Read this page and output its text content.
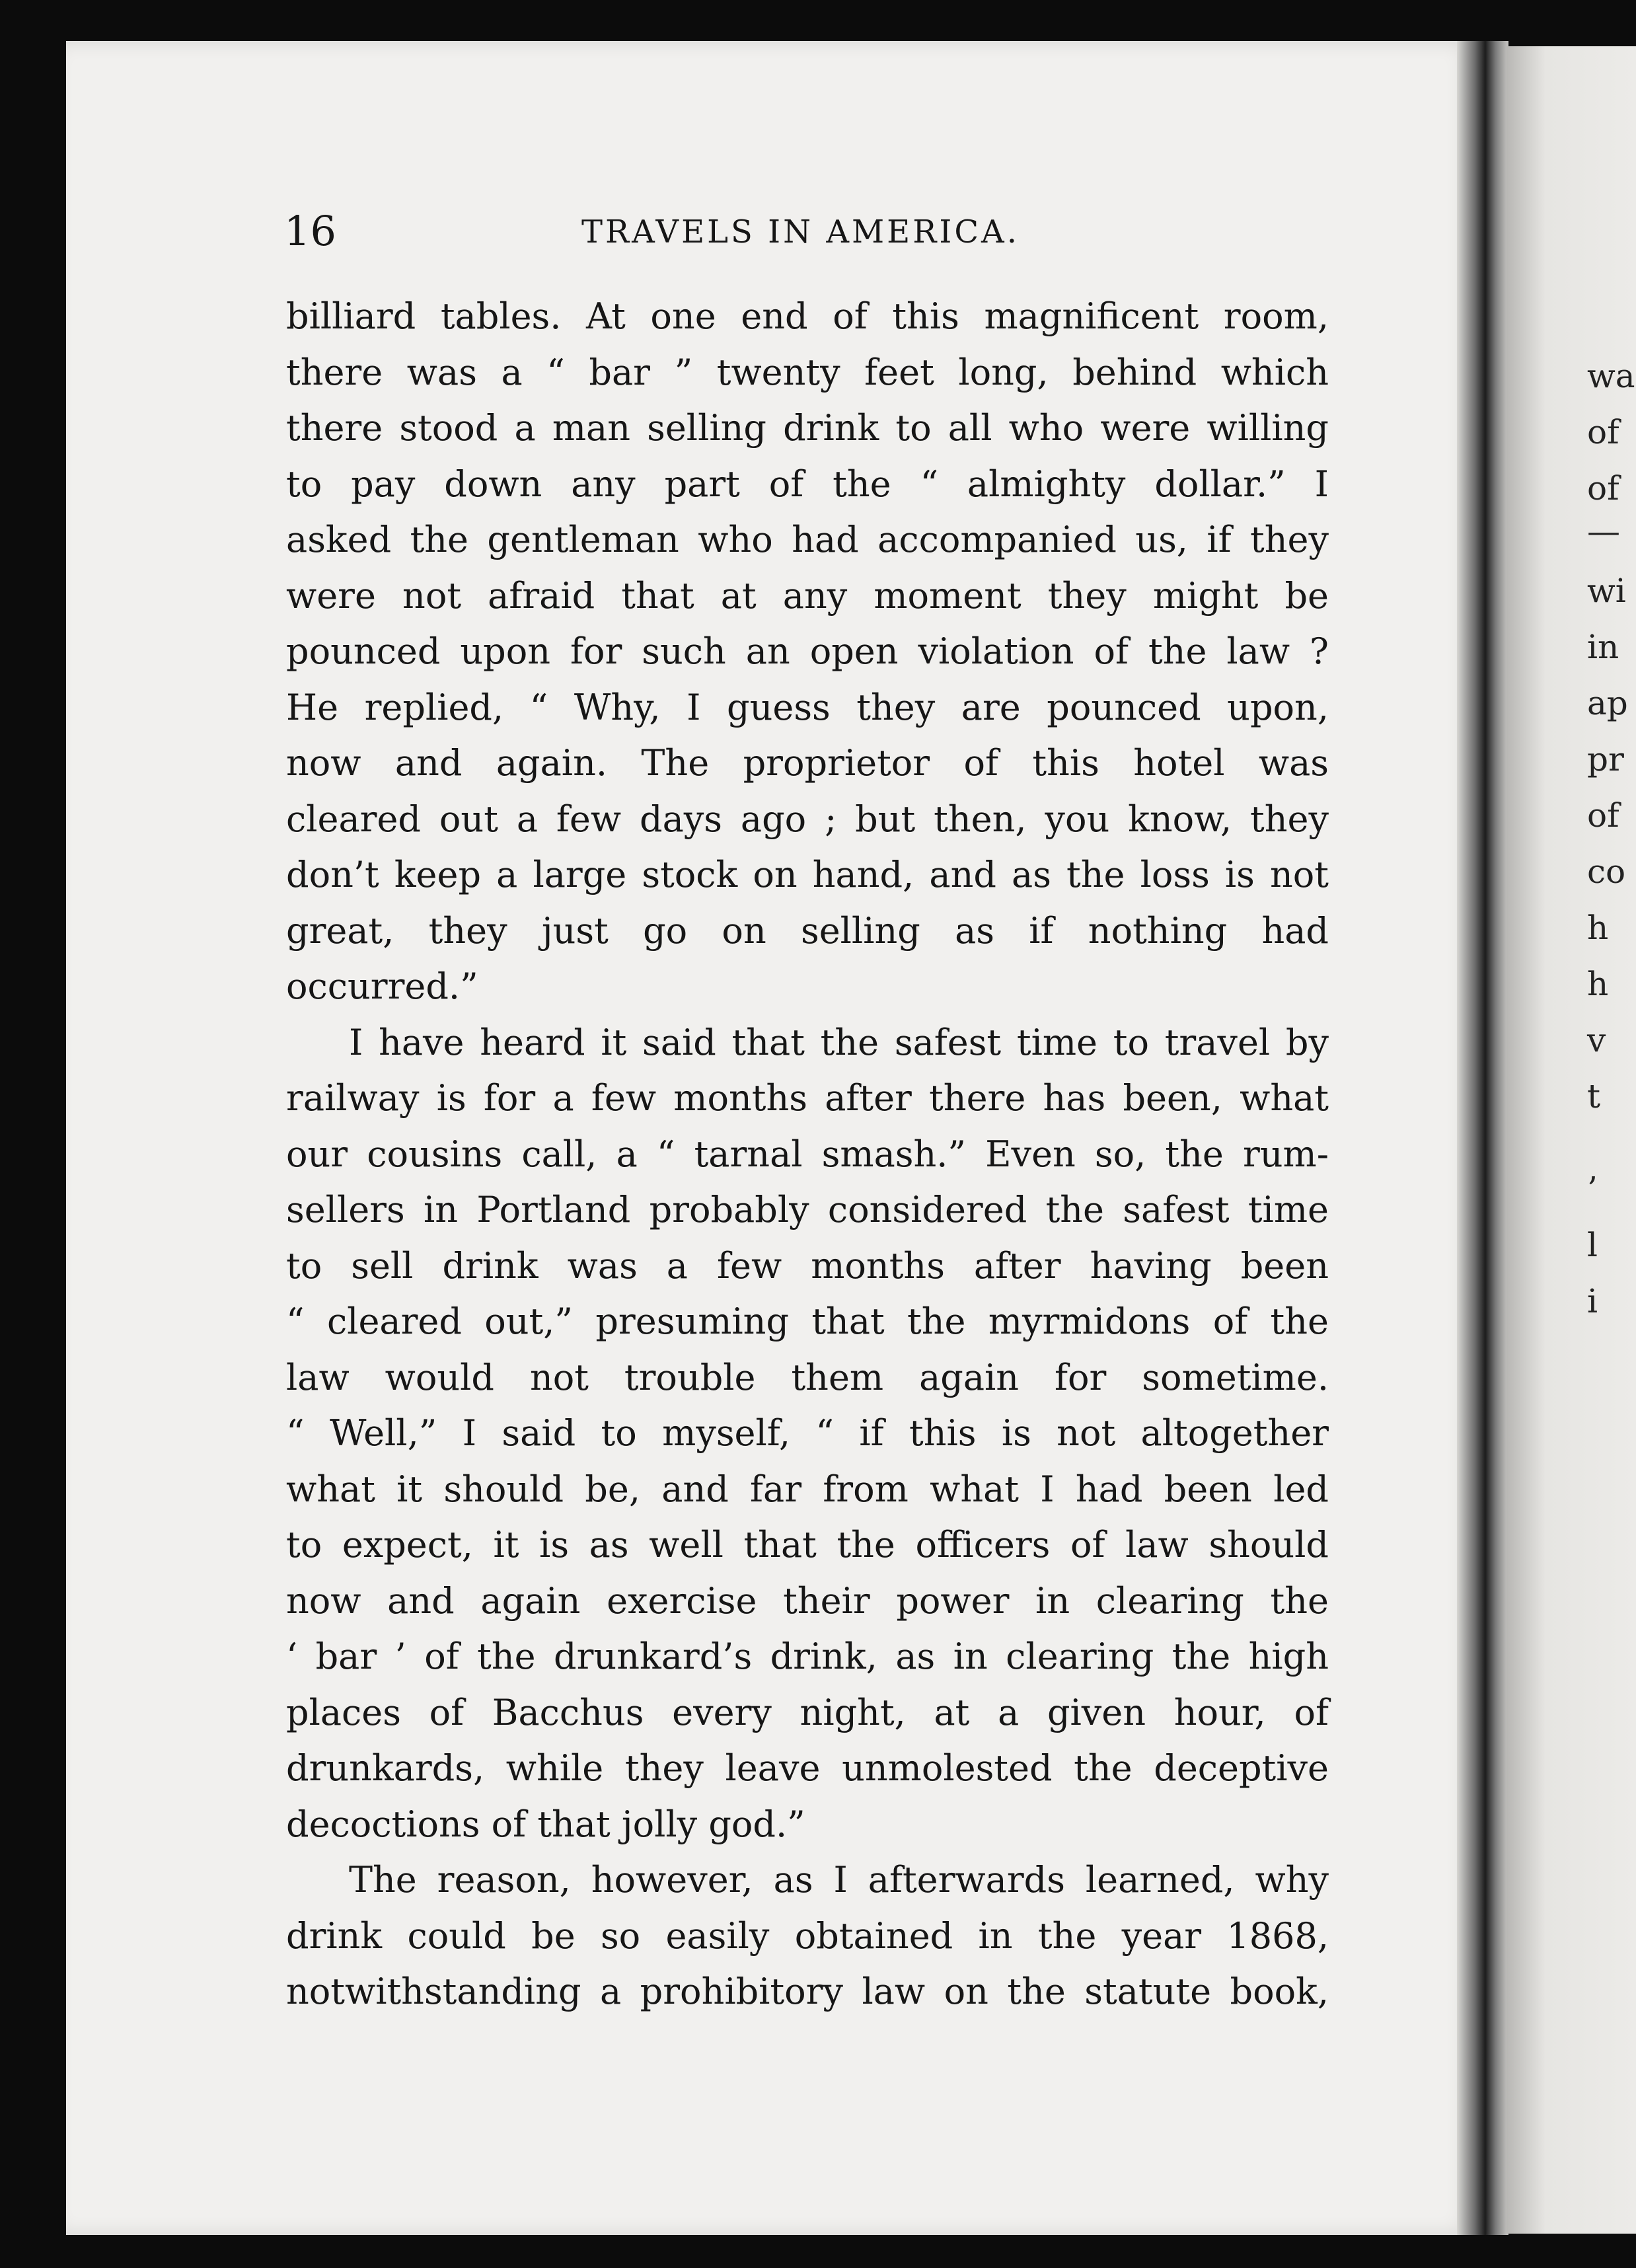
16	TRAVELS IN AMERICA.
billiard tables. At one end of this magnificent room,
there was a “ bar ” twenty feet long, behind which
there stood a man selling drink to all who were willing
to pay down any part of the “ almighty dollar.” I
asked the gentleman who had accompanied us, if they
were not afraid that at any moment they might be
pounced upon for such an open violation of the law ?
He replied, “ Why, I guess they are pounced upon,
now and again. The proprietor of this hotel was
cleared out a few days ago ; but then, you know, they
don’t keep a large stock on hand, and as the loss is not
great, they just go on selling as if nothing had
occurred.”
I have heard it said that the safest time to travel by
railway is for a few months after there has been, what
our cousins call, a “ tarnal smash.” Even so, the rum-
sellers in Portland probably considered the safest time
to sell drink was a few months after having been
“ cleared out,” presuming that the myrmidons of the
law would not trouble them again for sometime.
“ Well,” I said to myself, “ if this is not altogether
what it should be, and far from what I had been led
to expect, it is as well that the officers of law should
now and again exercise their power in clearing the
‘ bar ’ of the drunkard’s drink, as in clearing the high
places of Bacchus every night, at a given hour, of
drunkards, while they leave unmolested the deceptive
decoctions of that jolly god.”
The reason, however, as I afterwards learned, why
drink could be so easily obtained in the year 1868,
notwithstanding a prohibitory law on the statute book,
wa
of
of
—
wi
in
ap
pr
of
co
h
h
v
t
’
l
i
